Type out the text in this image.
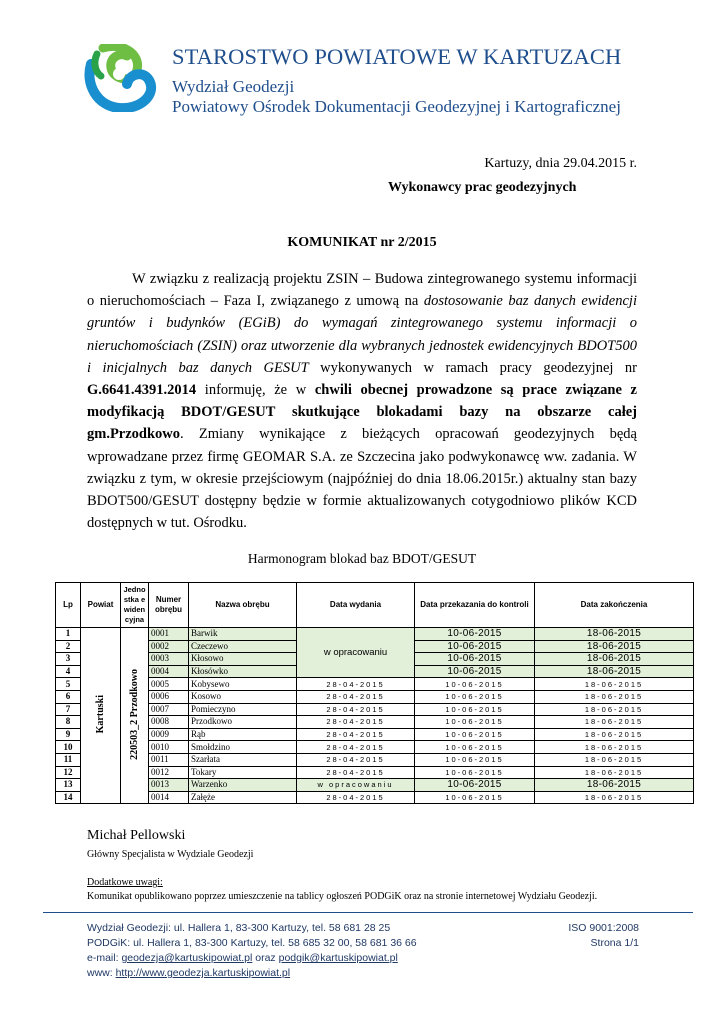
STAROSTWO POWIATOWE W KARTUZACH
Wydział Geodezji
Powiatowy Ośrodek Dokumentacji Geodezyjnej i Kartograficznej
Kartuzy, dnia 29.04.2015 r.
Wykonawcy prac geodezyjnych
KOMUNIKAT nr 2/2015

W związku z realizacją projektu ZSIN – Budowa zintegrowanego systemu informacji o nieruchomościach – Faza I, związanego z umową na dostosowanie baz danych ewidencji gruntów i budynków (EGiB) do wymagań zintegrowanego systemu informacji o nieruchomościach (ZSIN) oraz utworzenie dla wybranych jednostek ewidencyjnych BDOT500 i inicjalnych baz danych GESUT wykonywanych w ramach pracy geodezyjnej nr G.6641.4391.2014 informuję, że w chwili obecnej prowadzone są prace związane z modyfikacją BDOT/GESUT skutkujące blokadami bazy na obszarze całej gm.Przodkowo. Zmiany wynikające z bieżących opracowań geodezyjnych będą wprowadzane przez firmę GEOMAR S.A. ze Szczecina jako podwykonawcę ww. zadania. W związku z tym, w okresie przejściowym (najpóźniej do dnia 18.06.2015r.) aktualny stan bazy BDOT500/GESUT dostępny będzie w formie aktualizowanych cotygodniowo plików KCD dostępnych w tut. Ośrodku.

Harmonogram blokad baz BDOT/GESUT
Lp	Powiat	Jednostka ewidencyjna	Numer obrębu	Nazwa obrębu	Data wydania	Data przekazania do kontroli	Data zakończenia
1	Kartuski	220503_2 Przodkowo	0001	Barwik	w opracowaniu	10-06-2015	18-06-2015
2			0002	Czeczewo		10-06-2015	18-06-2015
3			0003	Kłosowo		10-06-2015	18-06-2015
4			0004	Kłosówko		10-06-2015	18-06-2015
5			0005	Kobysewo	28-04-2015	10-06-2015	18-06-2015
6			0006	Kosowo	28-04-2015	10-06-2015	18-06-2015
7			0007	Pomieczyno	28-04-2015	10-06-2015	18-06-2015
8			0008	Przodkowo	28-04-2015	10-06-2015	18-06-2015
9			0009	Rąb	28-04-2015	10-06-2015	18-06-2015
10			0010	Smołdzino	28-04-2015	10-06-2015	18-06-2015
11			0011	Szarłata	28-04-2015	10-06-2015	18-06-2015
12			0012	Tokary	28-04-2015	10-06-2015	18-06-2015
13			0013	Warzenko	w opracowaniu	10-06-2015	18-06-2015
14			0014	Załęże	28-04-2015	10-06-2015	18-06-2015
Michał Pellowski
Główny Specjalista w Wydziale Geodezji
Dodatkowe uwagi:
Komunikat opublikowano poprzez umieszczenie na tablicy ogłoszeń PODGiK oraz na stronie internetowej Wydziału Geodezji.
Wydział Geodezji: ul. Hallera 1, 83-300 Kartuzy, tel. 58 681 28 25
PODGiK: ul. Hallera 1, 83-300 Kartuzy, tel. 58 685 32 00, 58 681 36 66
e-mail: geodezja@kartuskipowiat.pl oraz podgik@kartuskipowiat.pl
www: http://www.geodezja.kartuskipowiat.pl
ISO 9001:2008
Strona 1/1
